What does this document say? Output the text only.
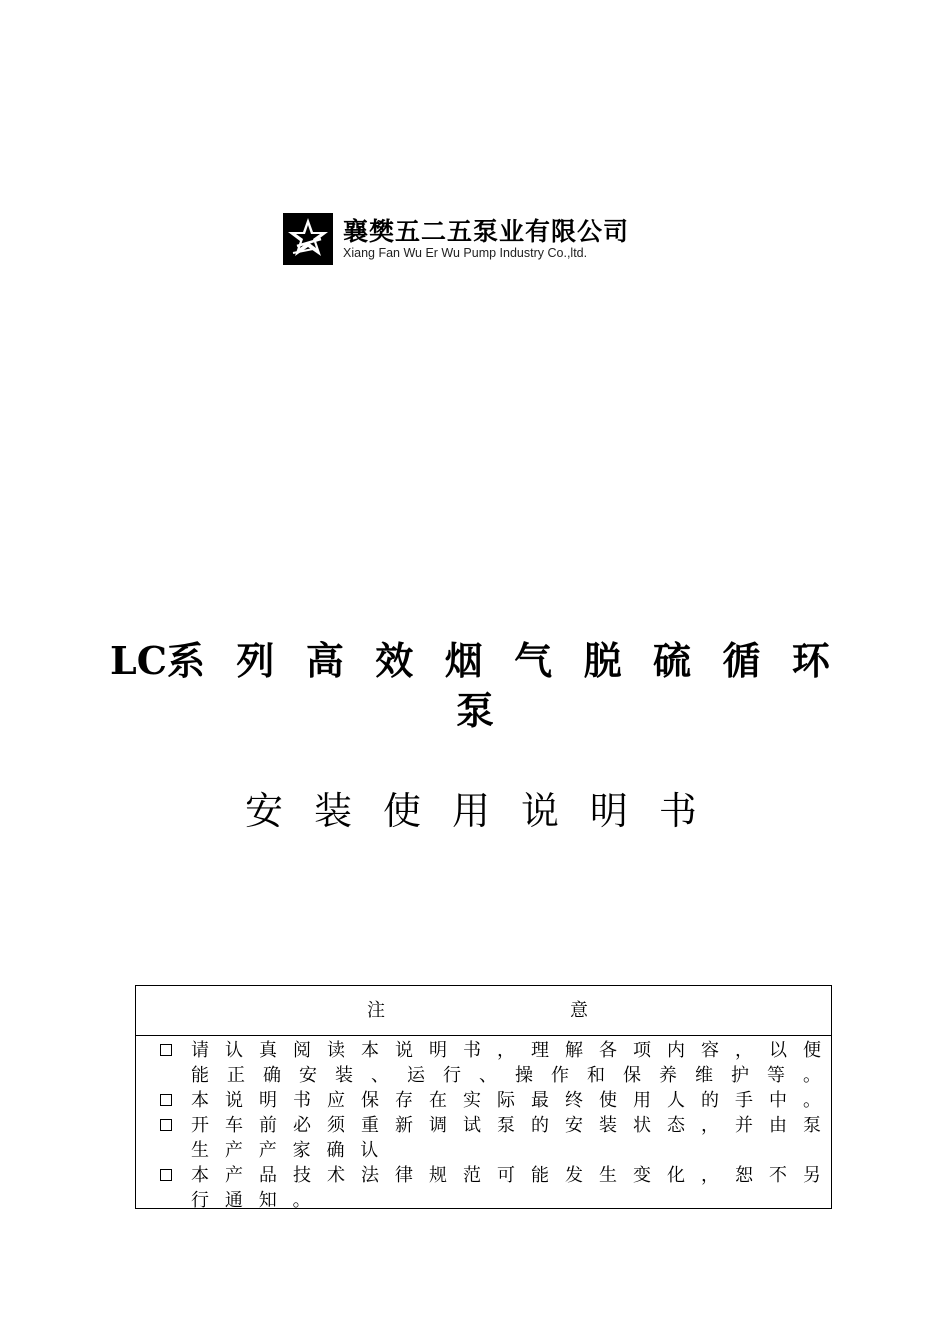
襄樊五二五泵业有限公司
Xiang Fan Wu Er Wu Pump Industry Co.,ltd.
LC系 列 高 效 烟 气 脱 硫 循 环
泵
安 装 使 用 说 明 书
注	意
请 认 真 阅 读 本 说 明 书 ， 理 解 各 项 内 容 ， 以 便
能 正 确 安 装 、 运 行 、 操 作 和 保 养 维 护 等 。
本 说 明 书 应 保 存 在 实 际 最 终 使 用 人 的 手 中 。
开 车 前 必 须 重 新 调 试 泵 的 安 装 状 态 ， 并 由 泵
生 产 产 家 确 认
本 产 品 技 术 法 律 规 范 可 能 发 生 变 化 ， 恕 不 另
行 通 知 。
